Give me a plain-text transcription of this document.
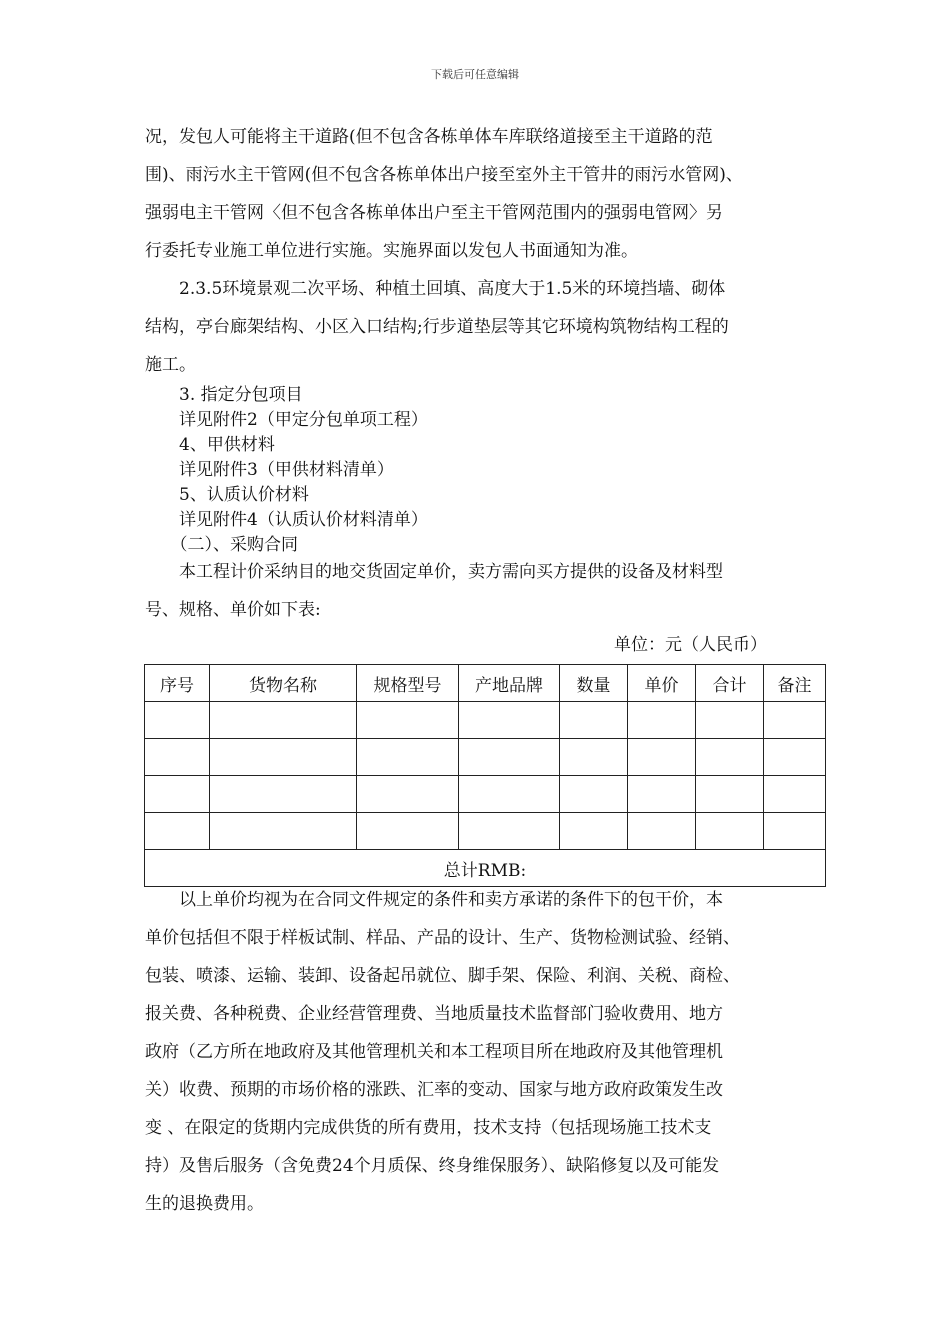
下载后可任意编辑
况，发包人可能将主干道路(但不包含各栋单体车库联络道接至主干道路的范
围)、雨污水主干管网(但不包含各栋单体出户接至室外主干管井的雨污水管网)、
强弱电主干管网〈但不包含各栋单体出户至主干管网范围内的强弱电管网〉另
行委托专业施工单位进行实施。实施界面以发包人书面通知为准。
　　2.3.5环境景观二次平场、种植土回填、高度大于1.5米的环境挡墙、砌体
结构，亭台廊架结构、小区入口结构;行步道垫层等其它环境构筑物结构工程的
施工。
　　3. 指定分包项目
　　详见附件2（甲定分包单项工程）
　　4、甲供材料
　　详见附件3（甲供材料清单）
　　5、认质认价材料
　　详见附件4（认质认价材料清单）
　　（二）、采购合同
　　本工程计价采纳目的地交货固定单价，卖方需向买方提供的设备及材料型
号、规格、单价如下表:
单位：元（人民币）
序号	货物名称	规格型号	产地品牌	数量	单价	合计	备注

总计RMB:							
　　以上单价均视为在合同文件规定的条件和卖方承诺的条件下的包干价，本
单价包括但不限于样板试制、样品、产品的设计、生产、货物检测试验、经销、
包装、喷漆、运输、装卸、设备起吊就位、脚手架、保险、利润、关税、商检、
报关费、各种税费、企业经营管理费、当地质量技术监督部门验收费用、地方
政府（乙方所在地政府及其他管理机关和本工程项目所在地政府及其他管理机
关）收费、预期的市场价格的涨跌、汇率的变动、国家与地方政府政策发生改
变 、在限定的货期内完成供货的所有费用，技术支持（包括现场施工技术支
持）及售后服务（含免费24个月质保、终身维保服务）、缺陷修复以及可能发
生的退换费用。
